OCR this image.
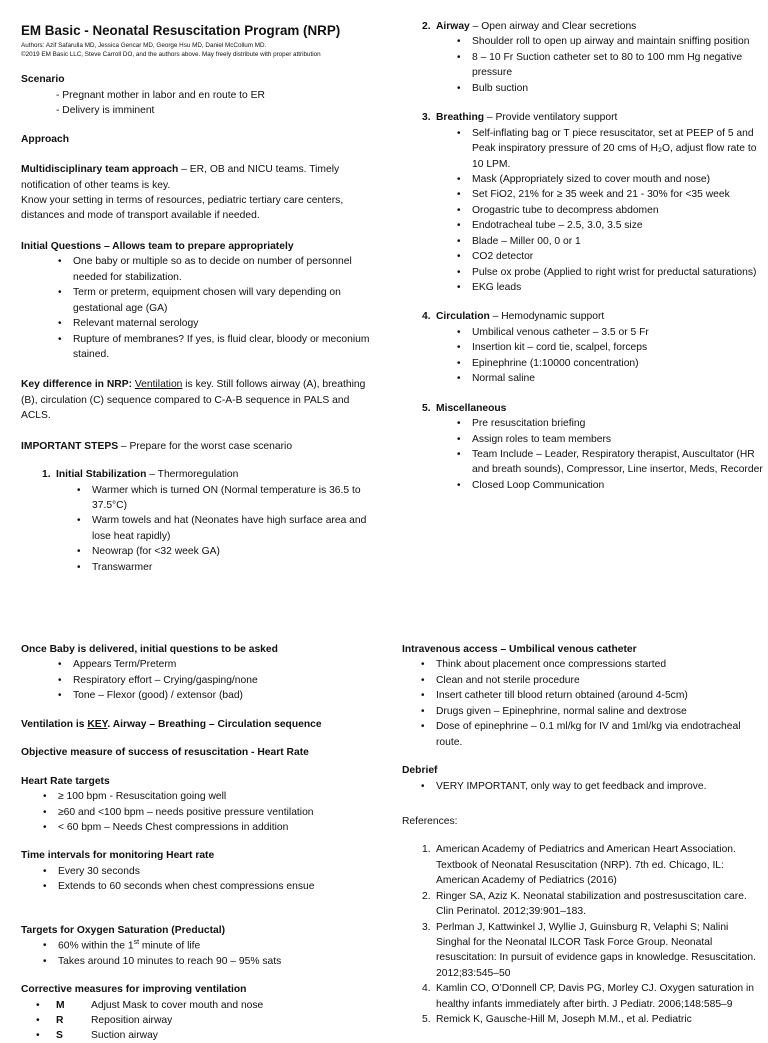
EM Basic - Neonatal Resuscitation Program (NRP)
Authors: Azif Safarulla MD, Jessica Gencar MD, George Hsu MD, Daniel McCollum MD.
©2019 EM Basic LLC, Steve Carroll DO, and the authors above. May freely distribute with proper attribution
Scenario
- Pregnant mother in labor and en route to ER
- Delivery is imminent
Approach

Multidisciplinary team approach – ER, OB and NICU teams. Timely notification of other teams is key.

Know your setting in terms of resources, pediatric tertiary care centers, distances and mode of transport available if needed.

Initial Questions – Allows team to prepare appropriately
• One baby or multiple so as to decide on number of personnel needed for stabilization.
• Term or preterm, equipment chosen will vary depending on gestational age (GA)
• Relevant maternal serology
• Rupture of membranes? If yes, is fluid clear, bloody or meconium stained.

Key difference in NRP: Ventilation is key. Still follows airway (A), breathing (B), circulation (C) sequence compared to C-A-B sequence in PALS and ACLS.

IMPORTANT STEPS – Prepare for the worst case scenario

1. Initial Stabilization – Thermoregulation
• Warmer which is turned ON (Normal temperature is 36.5 to 37.5°C)
• Warm towels and hat (Neonates have high surface area and lose heat rapidly)
• Neowrap (for <32 week GA)
• Transwarmer
2. Airway – Open airway and Clear secretions
• Shoulder roll to open up airway and maintain sniffing position
• 8 – 10 Fr Suction catheter set to 80 to 100 mm Hg negative pressure
• Bulb suction
3. Breathing – Provide ventilatory support
• Self-inflating bag or T piece resuscitator, set at PEEP of 5 and Peak inspiratory pressure of 20 cms of H₂O, adjust flow rate to 10 LPM.
• Mask (Appropriately sized to cover mouth and nose)
• Set FiO2, 21% for ≥ 35 week and 21 - 30% for <35 week
• Orogastric tube to decompress abdomen
• Endotracheal tube – 2.5, 3.0, 3.5 size
• Blade – Miller 00, 0 or 1
• CO2 detector
• Pulse ox probe (Applied to right wrist for preductal saturations)
• EKG leads
4. Circulation – Hemodynamic support
• Umbilical venous catheter – 3.5 or 5 Fr
• Insertion kit – cord tie, scalpel, forceps
• Epinephrine (1:10000 concentration)
• Normal saline
5. Miscellaneous
• Pre resuscitation briefing
• Assign roles to team members
• Team Include – Leader, Respiratory therapist, Auscultator (HR and breath sounds), Compressor, Line insertor, Meds, Recorder
• Closed Loop Communication
Once Baby is delivered, initial questions to be asked
• Appears Term/Preterm
• Respiratory effort – Crying/gasping/none
• Tone – Flexor (good) / extensor (bad)

Ventilation is KEY. Airway – Breathing – Circulation sequence

Objective measure of success of resuscitation - Heart Rate
Heart Rate targets
• ≥ 100 bpm - Resuscitation going well
• ≥60 and <100 bpm – needs positive pressure ventilation
• < 60 bpm – Needs Chest compressions in addition
Time intervals for monitoring Heart rate
• Every 30 seconds
• Extends to 60 seconds when chest compressions ensue
Targets for Oxygen Saturation (Preductal)
• 60% within the 1st minute of life
• Takes around 10 minutes to reach 90 – 95% sats
Corrective measures for improving ventilation
• M	Adjust Mask to cover mouth and nose
• R	Reposition airway
• S	Suction airway
Intravenous access – Umbilical venous catheter
• Think about placement once compressions started
• Clean and not sterile procedure
• Insert catheter till blood return obtained (around 4-5cm)
• Drugs given – Epinephrine, normal saline and dextrose
• Dose of epinephrine – 0.1 ml/kg for IV and 1ml/kg via endotracheal route.
Debrief
• VERY IMPORTANT, only way to get feedback and improve.
References:
1. American Academy of Pediatrics and American Heart Association. Textbook of Neonatal Resuscitation (NRP). 7th ed. Chicago, IL: American Academy of Pediatrics (2016)
2. Ringer SA, Aziz K. Neonatal stabilization and postresuscitation care. Clin Perinatol. 2012;39:901–183.
3. Perlman J, Kattwinkel J, Wyllie J, Guinsburg R, Velaphi S; Nalini Singhal for the Neonatal ILCOR Task Force Group. Neonatal resuscitation: In pursuit of evidence gaps in knowledge. Resuscitation. 2012;83:545–50
4. Kamlin CO, O’Donnell CP, Davis PG, Morley CJ. Oxygen saturation in healthy infants immediately after birth. J Pediatr. 2006;148:585–9
5. Remick K, Gausche-Hill M, Joseph M.M., et al. Pediatric
